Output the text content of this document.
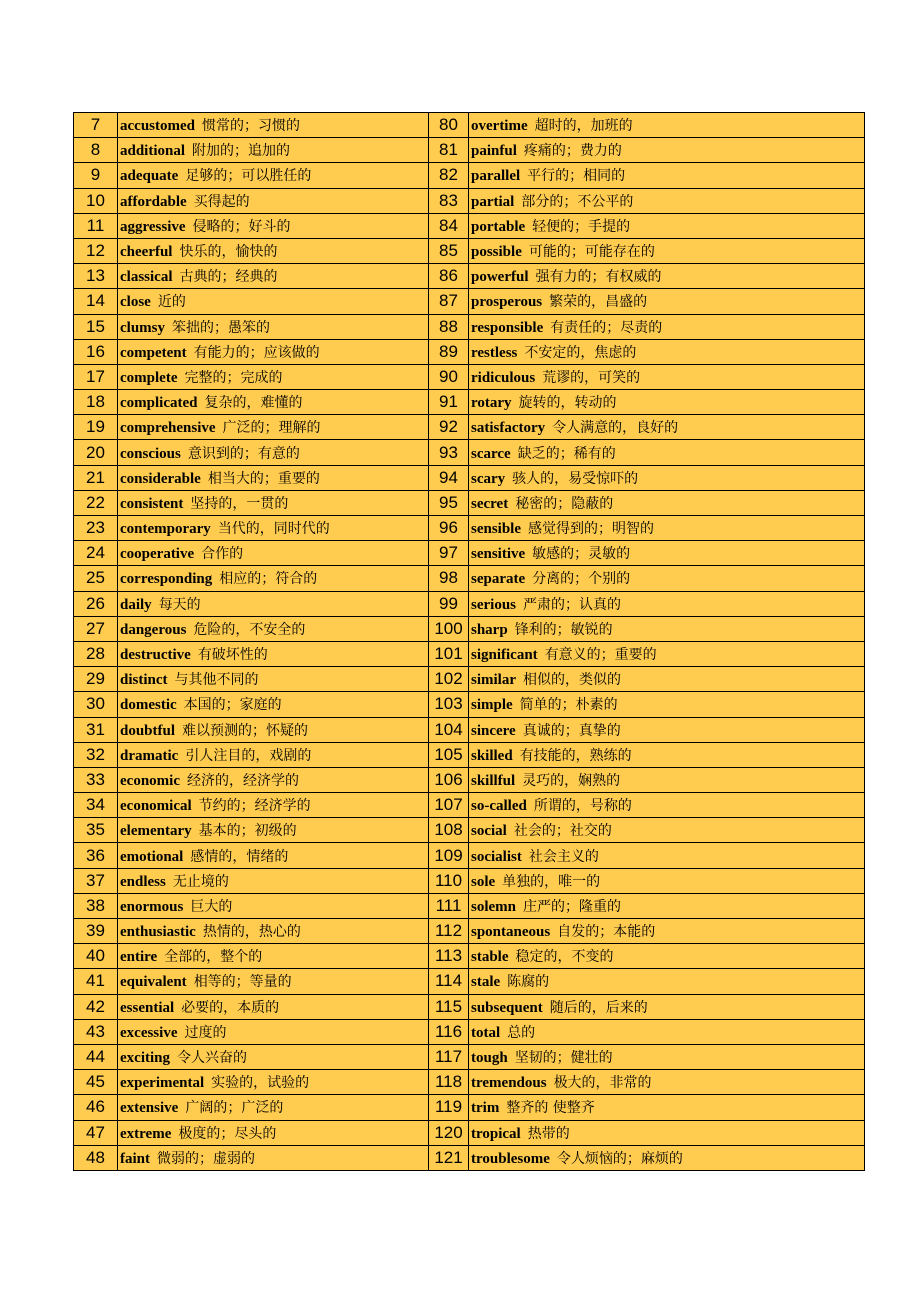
7	accustomed 惯常的；习惯的	80	overtime 超时的，加班的
8	additional 附加的；追加的	81	painful 疼痛的；费力的
9	adequate 足够的；可以胜任的	82	parallel 平行的；相同的
10	affordable 买得起的	83	partial 部分的；不公平的
11	aggressive 侵略的；好斗的	84	portable 轻便的；手提的
12	cheerful 快乐的，愉快的	85	possible 可能的；可能存在的
13	classical 古典的；经典的	86	powerful 强有力的；有权威的
14	close 近的	87	prosperous 繁荣的，昌盛的
15	clumsy 笨拙的；愚笨的	88	responsible 有责任的；尽责的
16	competent 有能力的；应该做的	89	restless 不安定的，焦虑的
17	complete 完整的；完成的	90	ridiculous 荒谬的，可笑的
18	complicated 复杂的，难懂的	91	rotary 旋转的，转动的
19	comprehensive 广泛的；理解的	92	satisfactory 令人满意的，良好的
20	conscious 意识到的；有意的	93	scarce 缺乏的；稀有的
21	considerable 相当大的；重要的	94	scary 骇人的，易受惊吓的
22	consistent 坚持的，一贯的	95	secret 秘密的；隐蔽的
23	contemporary 当代的，同时代的	96	sensible 感觉得到的；明智的
24	cooperative 合作的	97	sensitive 敏感的；灵敏的
25	corresponding 相应的；符合的	98	separate 分离的；个别的
26	daily 每天的	99	serious 严肃的；认真的
27	dangerous 危险的，不安全的	100	sharp 锋利的；敏锐的
28	destructive 有破坏性的	101	significant 有意义的；重要的
29	distinct 与其他不同的	102	similar 相似的，类似的
30	domestic 本国的；家庭的	103	simple 简单的；朴素的
31	doubtful 难以预测的；怀疑的	104	sincere 真诚的；真挚的
32	dramatic 引人注目的，戏剧的	105	skilled 有技能的，熟练的
33	economic 经济的，经济学的	106	skillful 灵巧的，娴熟的
34	economical 节约的；经济学的	107	so-called 所谓的，号称的
35	elementary 基本的；初级的	108	social 社会的；社交的
36	emotional 感情的，情绪的	109	socialist 社会主义的
37	endless 无止境的	110	sole 单独的，唯一的
38	enormous 巨大的	111	solemn 庄严的；隆重的
39	enthusiastic 热情的，热心的	112	spontaneous 自发的；本能的
40	entire 全部的，整个的	113	stable 稳定的，不变的
41	equivalent 相等的；等量的	114	stale 陈腐的
42	essential 必要的，本质的	115	subsequent 随后的，后来的
43	excessive 过度的	116	total 总的
44	exciting 令人兴奋的	117	tough 坚韧的；健壮的
45	experimental 实验的，试验的	118	tremendous 极大的，非常的
46	extensive 广阔的；广泛的	119	trim 整齐的 使整齐
47	extreme 极度的；尽头的	120	tropical 热带的
48	faint 微弱的；虚弱的	121	troublesome 令人烦恼的；麻烦的
